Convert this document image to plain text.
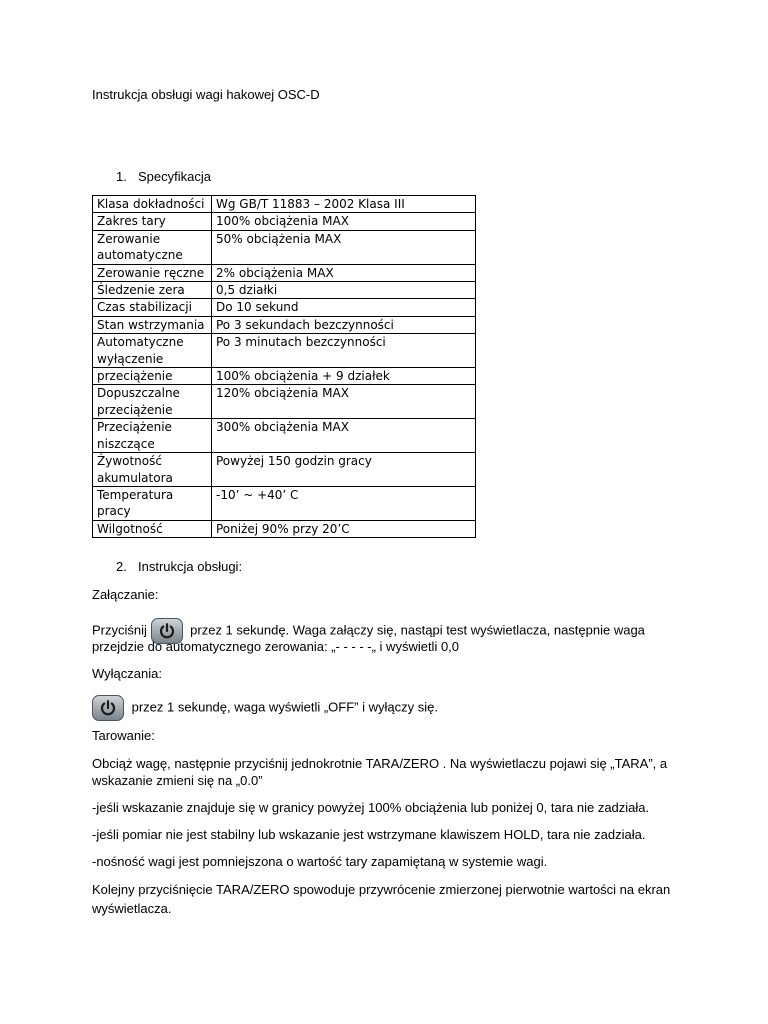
Instrukcja obsługi wagi hakowej OSC-D
1. Specyfikacja
Klasa dokładności	Wg GB/T 11883 – 2002 Klasa III
Zakres tary	100% obciążenia MAX
Zerowanie automatyczne	50% obciążenia MAX
Zerowanie ręczne	2% obciążenia MAX
Śledzenie zera	0,5 działki
Czas stabilizacji	Do 10 sekund
Stan wstrzymania	Po 3 sekundach bezczynności
Automatyczne wyłączenie	Po 3 minutach bezczynności
przeciążenie	100% obciążenia + 9 działek
Dopuszczalne przeciążenie	120% obciążenia MAX
Przeciążenie niszczące	300% obciążenia MAX
Żywotność akumulatora	Powyżej 150 godzin gracy
Temperatura pracy	-10’ ~ +40’ C
Wilgotność	Poniżej 90% przy 20’C
2. Instrukcja obsługi:
Załączanie:
Przyciśnij	przez 1 sekundę. Waga załączy się, nastąpi test wyświetlacza, następnie waga
przejdzie do automatycznego zerowania: „- - - - -„ i wyświetli 0,0
Wyłączania:
przez 1 sekundę, waga wyświetli „OFF” i wyłączy się.
Tarowanie:
Obciąż wagę, następnie przyciśnij jednokrotnie TARA/ZERO . Na wyświetlaczu pojawi się „TARA”, a
wskazanie zmieni się na „0.0”
-jeśli wskazanie znajduje się w granicy powyżej 100% obciążenia lub poniżej 0, tara nie zadziała.
-jeśli pomiar nie jest stabilny lub wskazanie jest wstrzymane klawiszem HOLD, tara nie zadziała.
-nośność wagi jest pomniejszona o wartość tary zapamiętaną w systemie wagi.
Kolejny przyciśnięcie TARA/ZERO spowoduje przywrócenie zmierzonej pierwotnie wartości na ekran
wyświetlacza.
